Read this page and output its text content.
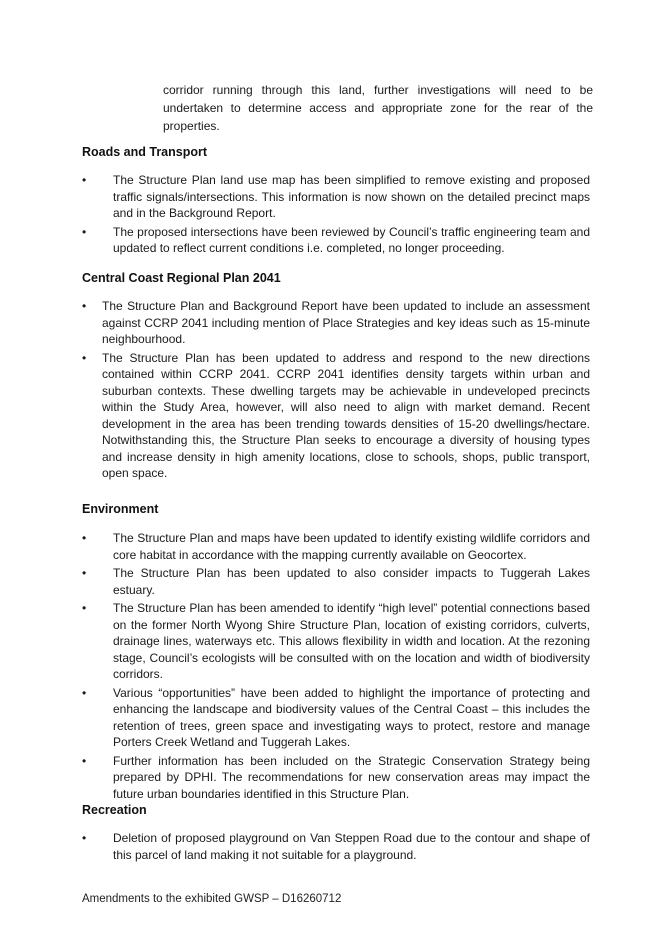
corridor running through this land, further investigations will need to be undertaken to determine access and appropriate zone for the rear of the properties.
Roads and Transport
• The Structure Plan land use map has been simplified to remove existing and proposed traffic signals/intersections. This information is now shown on the detailed precinct maps and in the Background Report.
• The proposed intersections have been reviewed by Council’s traffic engineering team and updated to reflect current conditions i.e. completed, no longer proceeding.
Central Coast Regional Plan 2041
• The Structure Plan and Background Report have been updated to include an assessment against CCRP 2041 including mention of Place Strategies and key ideas such as 15-minute neighbourhood.
• The Structure Plan has been updated to address and respond to the new directions contained within CCRP 2041. CCRP 2041 identifies density targets within urban and suburban contexts. These dwelling targets may be achievable in undeveloped precincts within the Study Area, however, will also need to align with market demand. Recent development in the area has been trending towards densities of 15-20 dwellings/hectare. Notwithstanding this, the Structure Plan seeks to encourage a diversity of housing types and increase density in high amenity locations, close to schools, shops, public transport, open space.
Environment
• The Structure Plan and maps have been updated to identify existing wildlife corridors and core habitat in accordance with the mapping currently available on Geocortex.
• The Structure Plan has been updated to also consider impacts to Tuggerah Lakes estuary.
• The Structure Plan has been amended to identify “high level” potential connections based on the former North Wyong Shire Structure Plan, location of existing corridors, culverts, drainage lines, waterways etc. This allows flexibility in width and location. At the rezoning stage, Council’s ecologists will be consulted with on the location and width of biodiversity corridors.
• Various “opportunities” have been added to highlight the importance of protecting and enhancing the landscape and biodiversity values of the Central Coast – this includes the retention of trees, green space and investigating ways to protect, restore and manage Porters Creek Wetland and Tuggerah Lakes.
• Further information has been included on the Strategic Conservation Strategy being prepared by DPHI. The recommendations for new conservation areas may impact the future urban boundaries identified in this Structure Plan.
Recreation
• Deletion of proposed playground on Van Steppen Road due to the contour and shape of this parcel of land making it not suitable for a playground.
Amendments to the exhibited GWSP – D16260712
